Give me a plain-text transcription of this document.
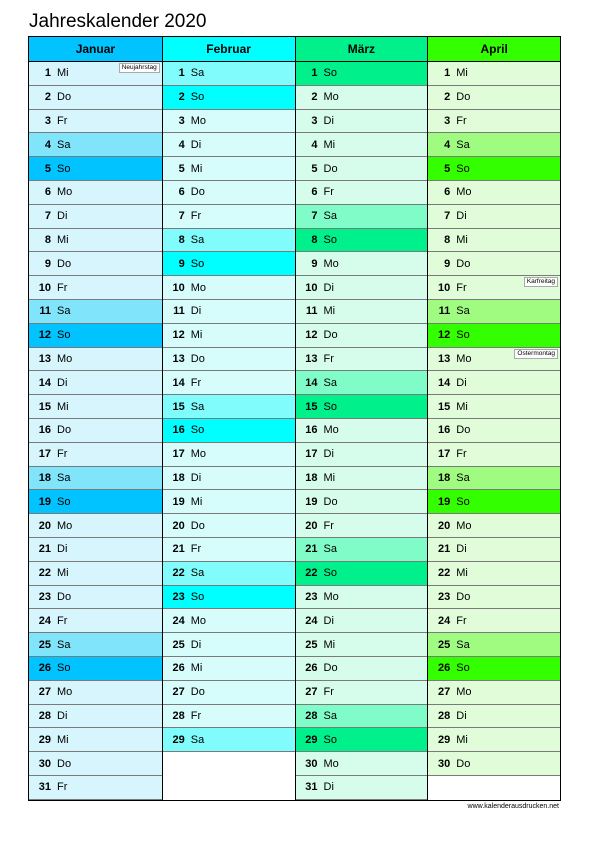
Jahreskalender 2020
Januar
1 Mi	Neujahrstag
2 Do
3 Fr
4 Sa
5 So
6 Mo
7 Di
8 Mi
9 Do
10 Fr
11 Sa
12 So
13 Mo
14 Di
15 Mi
16 Do
17 Fr
18 Sa
19 So
20 Mo
21 Di
22 Mi
23 Do
24 Fr
25 Sa
26 So
27 Mo
28 Di
29 Mi
30 Do
31 Fr
Februar
1 Sa
2 So
3 Mo
4 Di
5 Mi
6 Do
7 Fr
8 Sa
9 So
10 Mo
11 Di
12 Mi
13 Do
14 Fr
15 Sa
16 So
17 Mo
18 Di
19 Mi
20 Do
21 Fr
22 Sa
23 So
24 Mo
25 Di
26 Mi
27 Do
28 Fr
29 Sa
März
1 So
2 Mo
3 Di
4 Mi
5 Do
6 Fr
7 Sa
8 So
9 Mo
10 Di
11 Mi
12 Do
13 Fr
14 Sa
15 So
16 Mo
17 Di
18 Mi
19 Do
20 Fr
21 Sa
22 So
23 Mo
24 Di
25 Mi
26 Do
27 Fr
28 Sa
29 So
30 Mo
31 Di
April
1 Mi
2 Do
3 Fr
4 Sa
5 So
6 Mo
7 Di
8 Mi
9 Do
10 Fr	Karfreitag
11 Sa
12 So
13 Mo	Ostermontag
14 Di
15 Mi
16 Do
17 Fr
18 Sa
19 So
20 Mo
21 Di
22 Mi
23 Do
24 Fr
25 Sa
26 So
27 Mo
28 Di
29 Mi
30 Do
www.kalenderausdrucken.net
